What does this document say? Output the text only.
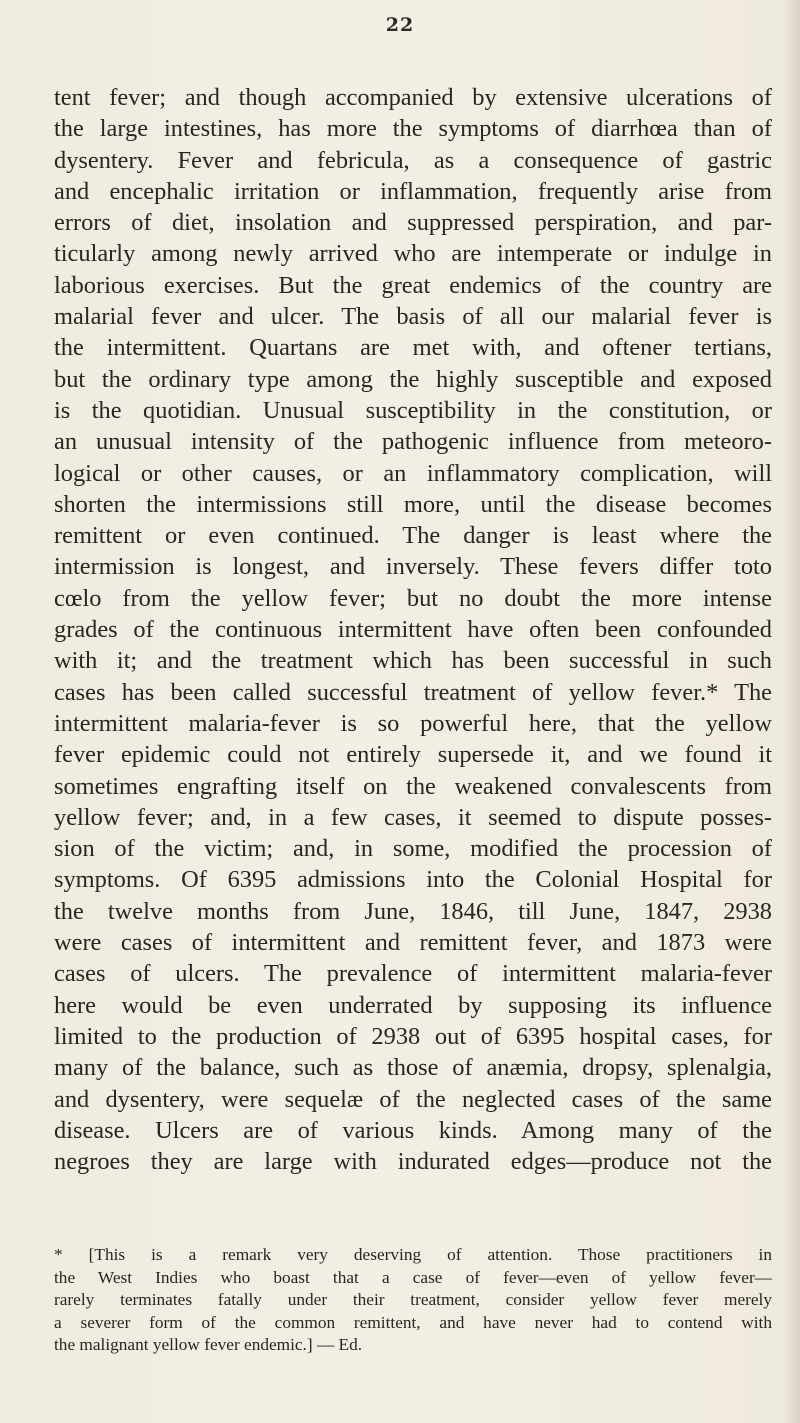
22
tent fever; and though accompanied by extensive ulcerations of
the large intestines, has more the symptoms of diarrhœa than of
dysentery. Fever and febricula, as a consequence of gastric
and encephalic irritation or inflammation, frequently arise from
errors of diet, insolation and suppressed perspiration, and par-
ticularly among newly arrived who are intemperate or indulge in
laborious exercises. But the great endemics of the country are
malarial fever and ulcer. The basis of all our malarial fever is
the intermittent. Quartans are met with, and oftener tertians,
but the ordinary type among the highly susceptible and exposed
is the quotidian. Unusual susceptibility in the constitution, or
an unusual intensity of the pathogenic influence from meteoro-
logical or other causes, or an inflammatory complication, will
shorten the intermissions still more, until the disease becomes
remittent or even continued. The danger is least where the
intermission is longest, and inversely. These fevers differ toto
cœlo from the yellow fever; but no doubt the more intense
grades of the continuous intermittent have often been confounded
with it; and the treatment which has been successful in such
cases has been called successful treatment of yellow fever.* The
intermittent malaria-fever is so powerful here, that the yellow
fever epidemic could not entirely supersede it, and we found it
sometimes engrafting itself on the weakened convalescents from
yellow fever; and, in a few cases, it seemed to dispute posses-
sion of the victim; and, in some, modified the procession of
symptoms. Of 6395 admissions into the Colonial Hospital for
the twelve months from June, 1846, till June, 1847, 2938
were cases of intermittent and remittent fever, and 1873 were
cases of ulcers. The prevalence of intermittent malaria-fever
here would be even underrated by supposing its influence
limited to the production of 2938 out of 6395 hospital cases, for
many of the balance, such as those of anæmia, dropsy, splenalgia,
and dysentery, were sequelæ of the neglected cases of the same
disease. Ulcers are of various kinds. Among many of the
negroes they are large with indurated edges—produce not the
* [This is a remark very deserving of attention. Those practitioners in
the West Indies who boast that a case of fever—even of yellow fever—
rarely terminates fatally under their treatment, consider yellow fever merely
a severer form of the common remittent, and have never had to contend with
the malignant yellow fever endemic.] — Ed.
